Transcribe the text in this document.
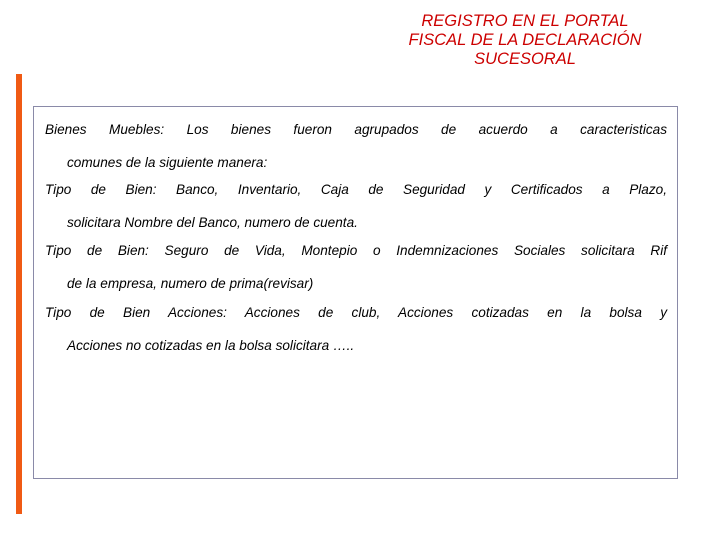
REGISTRO EN EL PORTAL
FISCAL DE LA DECLARACIÓN
SUCESORAL
Bienes Muebles: Los bienes fueron agrupados de acuerdo a caracteristicas
comunes de la siguiente manera:
Tipo de Bien: Banco, Inventario, Caja de Seguridad y Certificados a Plazo,
solicitara Nombre del Banco, numero de cuenta.
Tipo de Bien: Seguro de Vida, Montepio o Indemnizaciones Sociales solicitara Rif
de la empresa, numero de prima(revisar)
Tipo de Bien Acciones: Acciones de club, Acciones cotizadas en la bolsa y
Acciones no cotizadas en la bolsa solicitara …..
